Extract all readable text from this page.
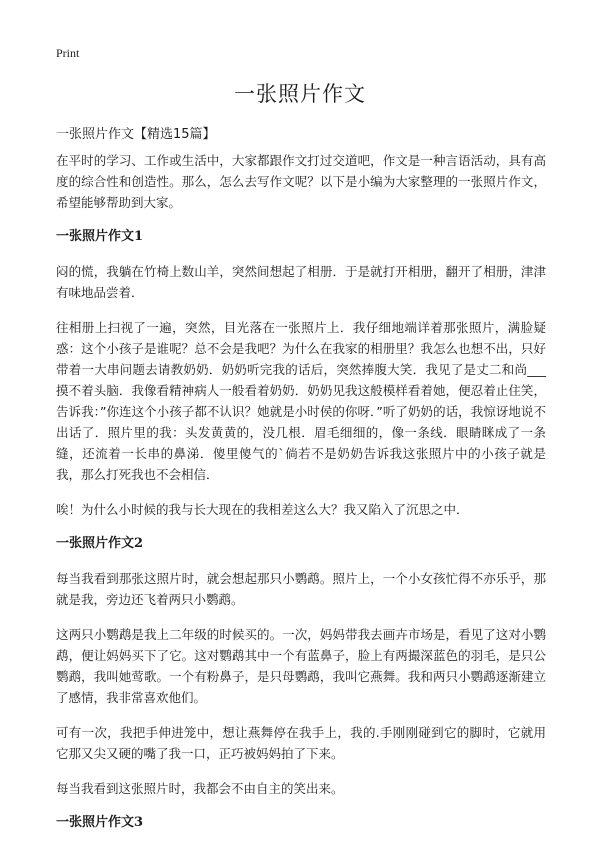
Print
一张照片作文

一张照片作文【精选15篇】

在平时的学习、工作或生活中，大家都跟作文打过交道吧，作文是一种言语活动，具有高度的综合性和创造性。那么，怎么去写作文呢？以下是小编为大家整理的一张照片作文，希望能够帮助到大家。

一张照片作文1

闷的慌，我躺在竹椅上数山羊，突然间想起了相册．于是就打开相册，翻开了相册，津津有味地品尝着．

往相册上扫视了一遍，突然，目光落在一张照片上．我仔细地端详着那张照片，满脸疑惑：这个小孩子是谁呢？总不会是我吧？为什么在我家的相册里？我怎么也想不出，只好带着一大串问题去请教奶奶．奶奶听完我的话后，突然捧腹大笑．我见了是丈二和尚___摸不着头脑．我像看精神病人一般看着奶奶．奶奶见我这般模样看着她，便忍着止住笑，告诉我：”你连这个小孩子都不认识？她就是小时侯的你呀．”听了奶奶的话，我惊讶地说不出话了．照片里的我：头发黄黄的，没几根．眉毛细细的，像一条线．眼睛眯成了一条缝，还流着一长串的鼻涕．傻里傻气的`倘若不是奶奶告诉我这张照片中的小孩子就是我，那么打死我也不会相信．

唉！为什么小时候的我与长大现在的我相差这么大？我又陷入了沉思之中．

一张照片作文2

每当我看到那张这照片时，就会想起那只小鹦鹉。照片上，一个小女孩忙得不亦乐乎，那就是我，旁边还飞着两只小鹦鹉。

这两只小鹦鹉是我上二年级的时候买的。一次，妈妈带我去画卉市场是，看见了这对小鹦鹉，便让妈妈买下了它。这对鹦鹉其中一个有蓝鼻子，脸上有两撮深蓝色的羽毛，是只公鹦鹉，我叫她莺歌。一个有粉鼻子，是只母鹦鹉，我叫它燕舞。我和两只小鹦鹉逐渐建立了感情，我非常喜欢他们。

可有一次，我把手伸进笼中，想让燕舞停在我手上，我的.手刚刚碰到它的脚时，它就用它那又尖又硬的嘴了我一口，正巧被妈妈拍了下来。

每当我看到这张照片时，我都会不由自主的笑出来。

一张照片作文3
